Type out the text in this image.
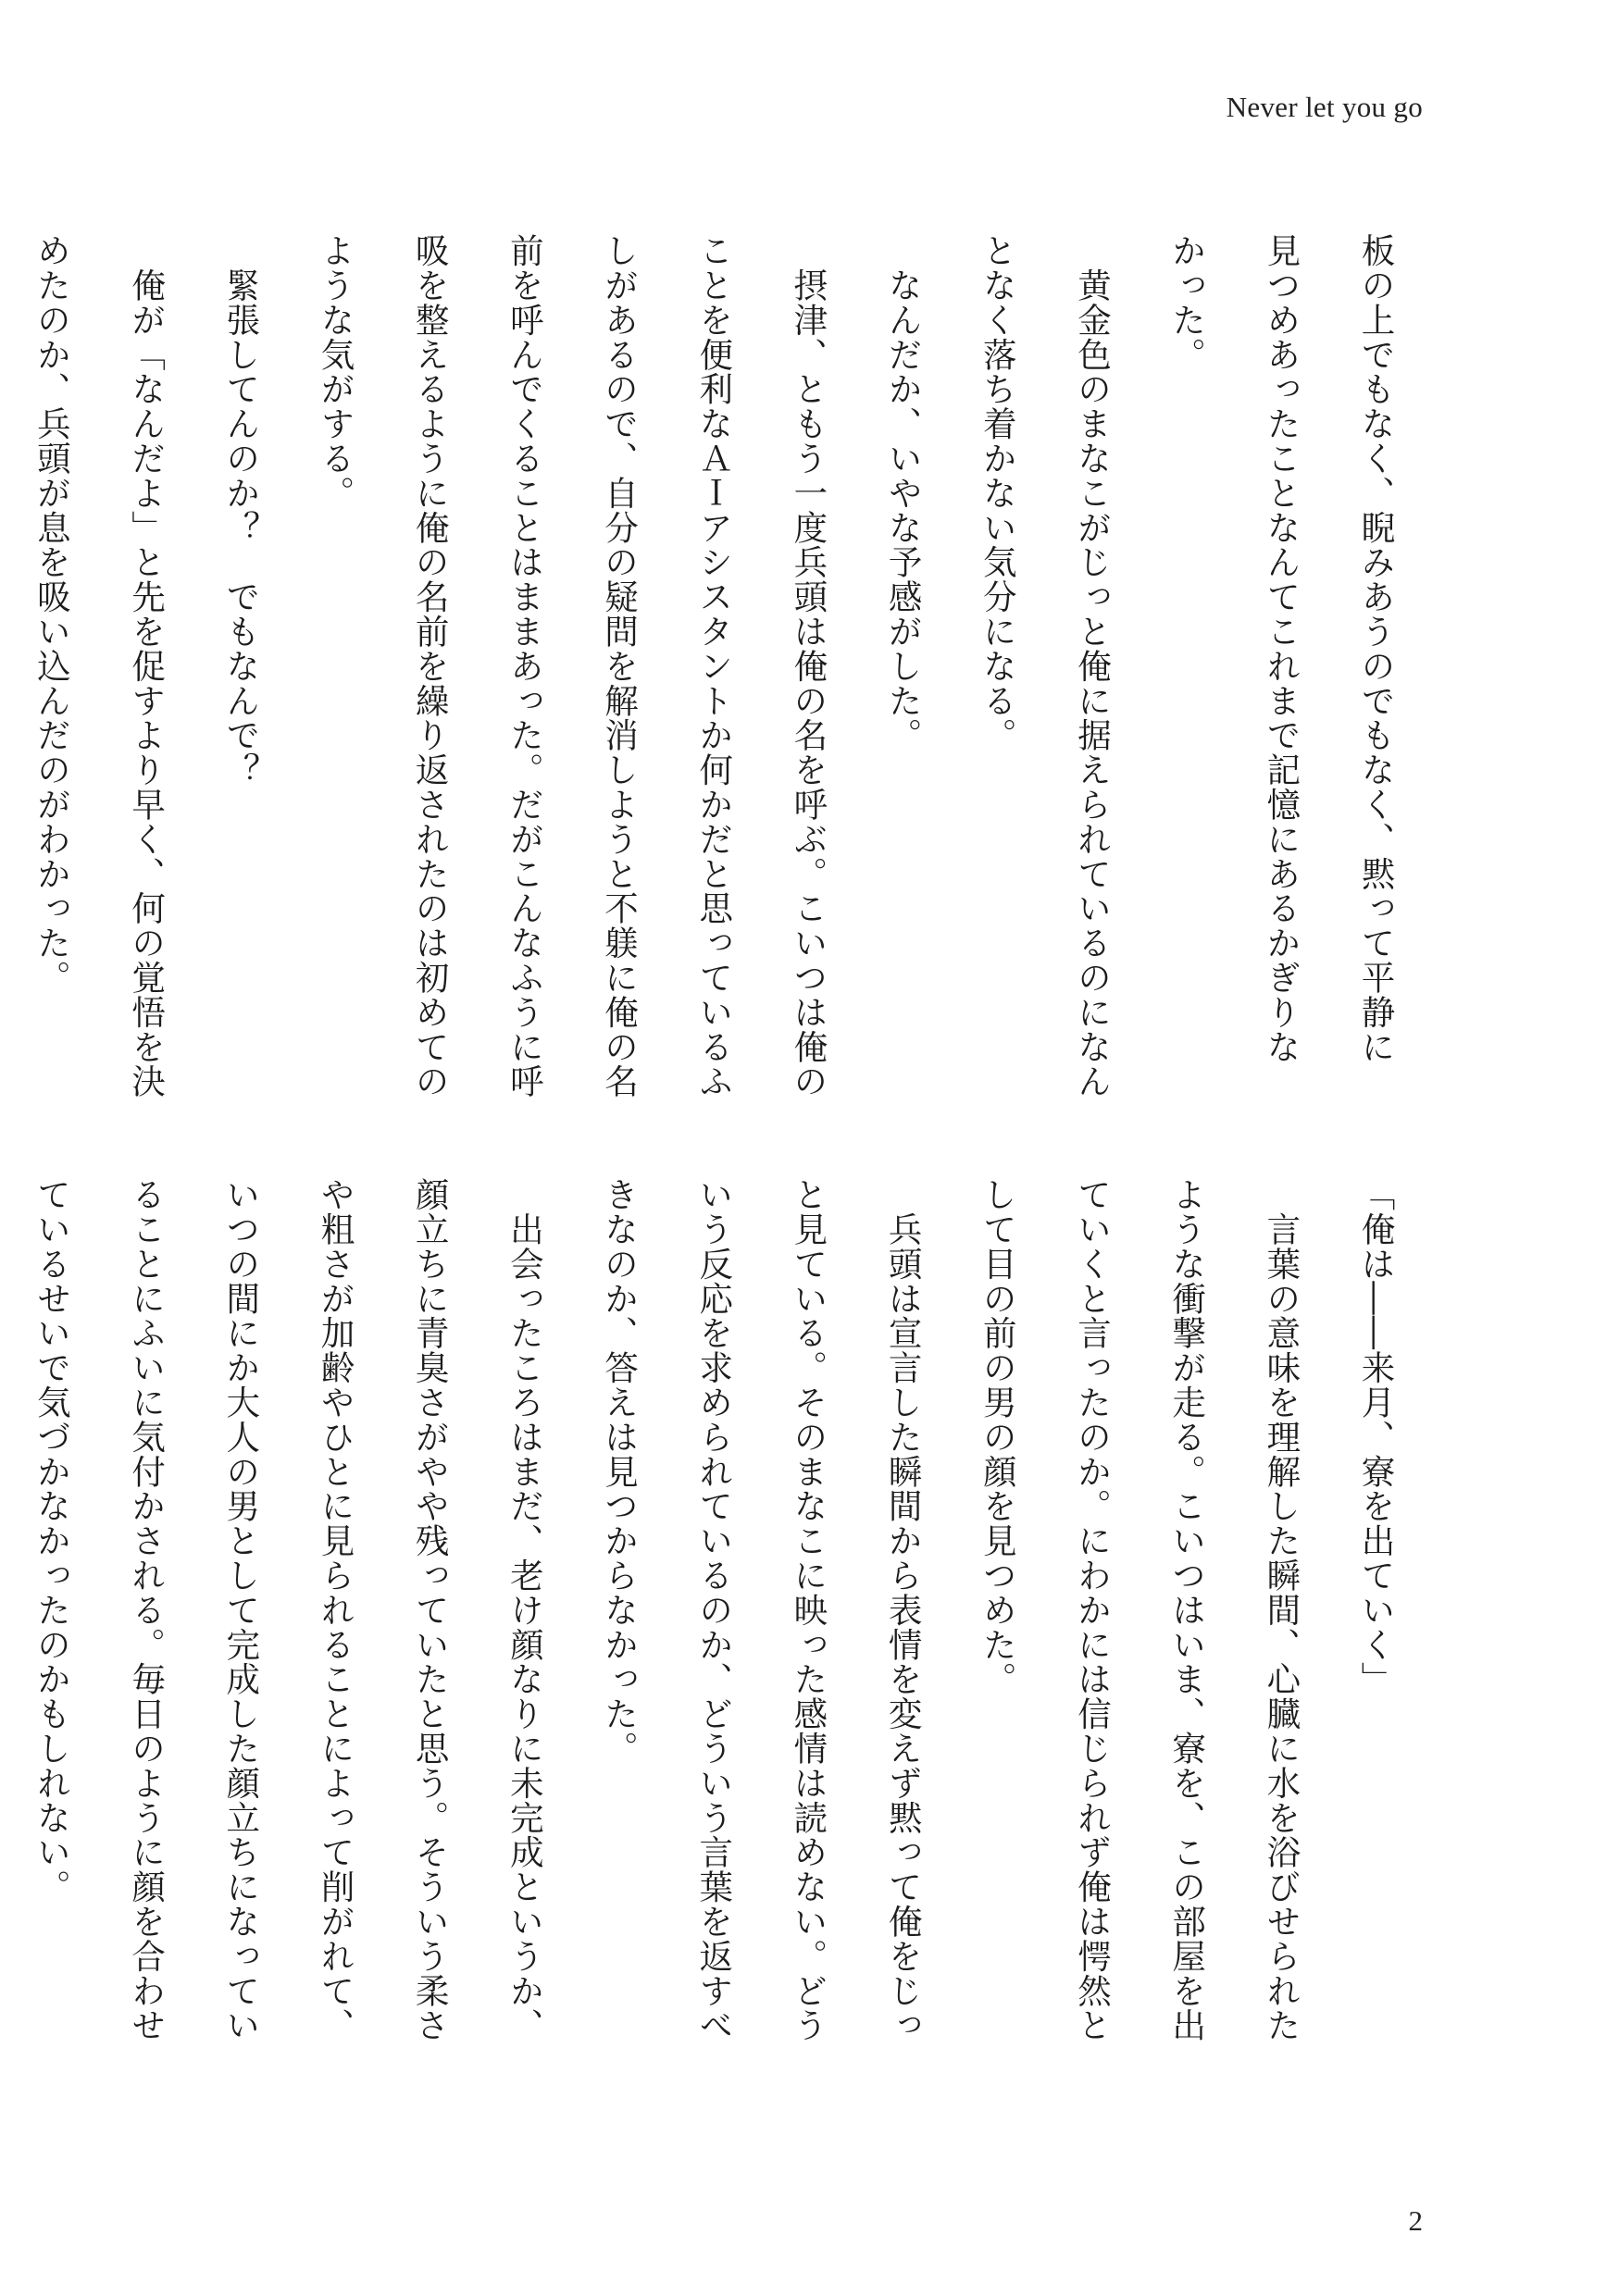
Never let you go

板の上でもなく、睨みあうのでもなく、黙って平静に
見つめあったことなんてこれまで記憶にあるかぎりな
かった。

　黄金色のまなこがじっと俺に据えられているのになん
となく落ち着かない気分になる。

　なんだか、いやな予感がした。

　摂津、ともう一度兵頭は俺の名を呼ぶ。こいつは俺の
ことを便利なＡＩアシスタントか何かだと思っているふ
しがあるので、自分の疑問を解消しようと不躾に俺の名
前を呼んでくることはままあった。だがこんなふうに呼
吸を整えるように俺の名前を繰り返されたのは初めての
ような気がする。

　緊張してんのか？　でもなんで？

　俺が「なんだよ」と先を促すより早く、何の覚悟を決
めたのか、兵頭が息を吸い込んだのがわかった。

「俺は――来月、寮を出ていく」

　言葉の意味を理解した瞬間、心臓に水を浴びせられた
ような衝撃が走る。こいつはいま、寮を、この部屋を出
ていくと言ったのか。にわかには信じられず俺は愕然と
して目の前の男の顔を見つめた。

　兵頭は宣言した瞬間から表情を変えず黙って俺をじっ
と見ている。そのまなこに映った感情は読めない。どう
いう反応を求められているのか、どういう言葉を返すべ
きなのか、答えは見つからなかった。

　出会ったころはまだ、老け顔なりに未完成というか、
顔立ちに青臭さがやや残っていたと思う。そういう柔さ
や粗さが加齢やひとに見られることによって削がれて、
いつの間にか大人の男として完成した顔立ちになってい
ることにふいに気付かされる。毎日のように顔を合わせ
ているせいで気づかなかったのかもしれない。

2
